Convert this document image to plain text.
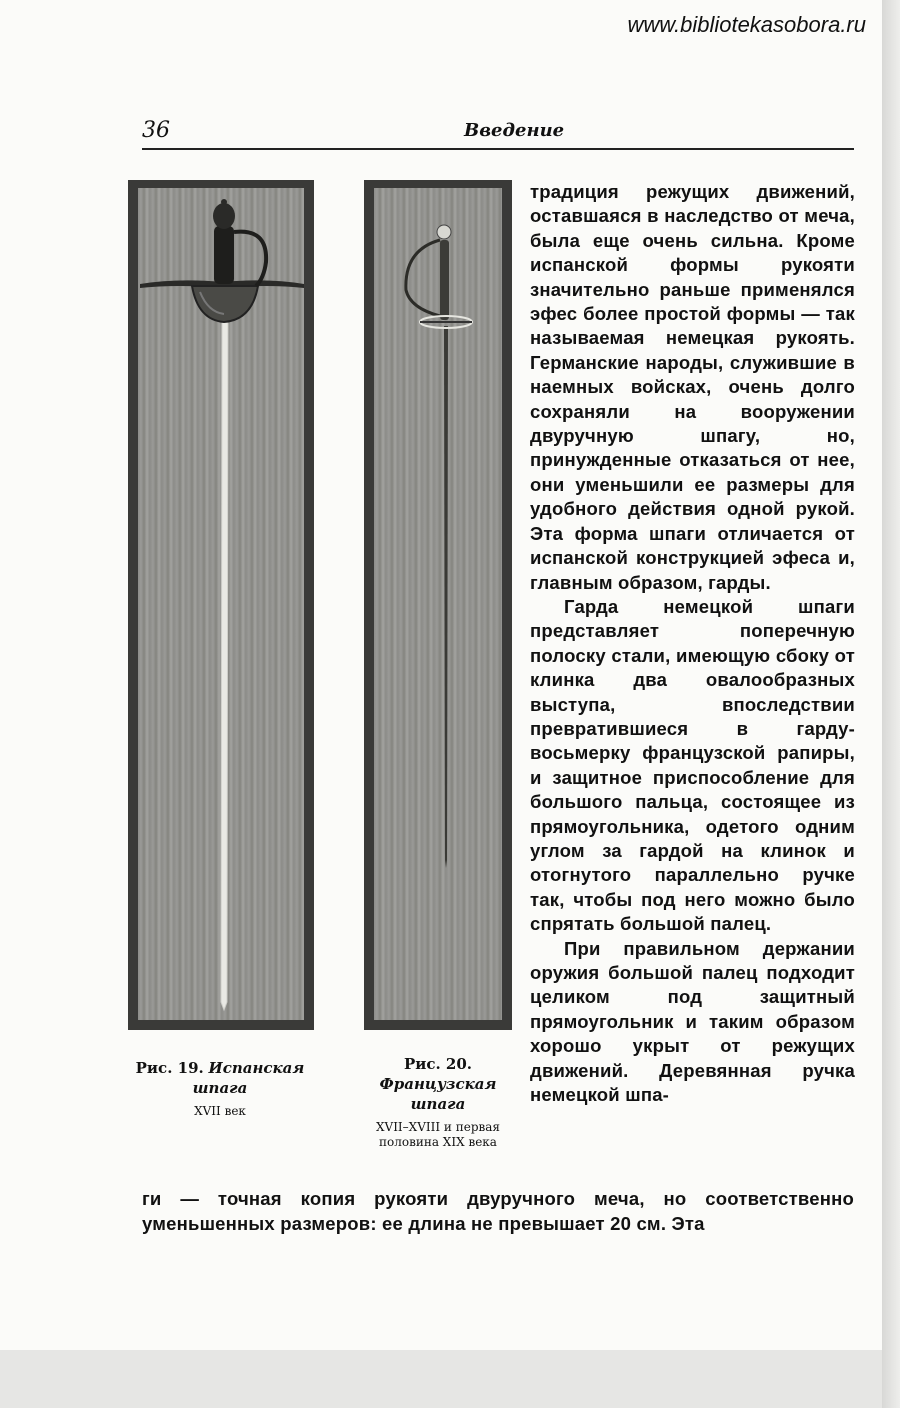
www.bibliotekasobora.ru
36	Введение
Рис. 19. Испанская шпага
XVII век
Рис. 20. Французская шпага
XVII–XVIII и первая половина XIX века

традиция режущих движений, оставшаяся в наследство от меча, была еще очень сильна. Кроме испанской формы рукояти значительно раньше применялся эфес более простой формы — так называемая немецкая рукоять. Германские народы, служившие в наемных войсках, очень долго сохраняли на вооружении двуручную шпагу, но, принужденные отказаться от нее, они уменьшили ее размеры для удобного действия одной рукой. Эта форма шпаги отличается от испанской конструкцией эфеса и, главным образом, гарды.

Гарда немецкой шпаги представляет поперечную полоску стали, имеющую сбоку от клинка два овалообразных выступа, впоследствии превратившиеся в гарду-восьмерку французской рапиры, и защитное приспособление для большого пальца, состоящее из прямоугольника, одетого одним углом за гардой на клинок и отогнутого параллельно ручке так, чтобы под него можно было спрятать большой палец.

При правильном держании оружия большой палец подходит целиком под защитный прямоугольник и таким образом хорошо укрыт от режущих движений. Деревянная ручка немецкой шпа-

ги — точная копия рукояти двуручного меча, но соответственно уменьшенных размеров: ее длина не превышает 20 см. Эта
